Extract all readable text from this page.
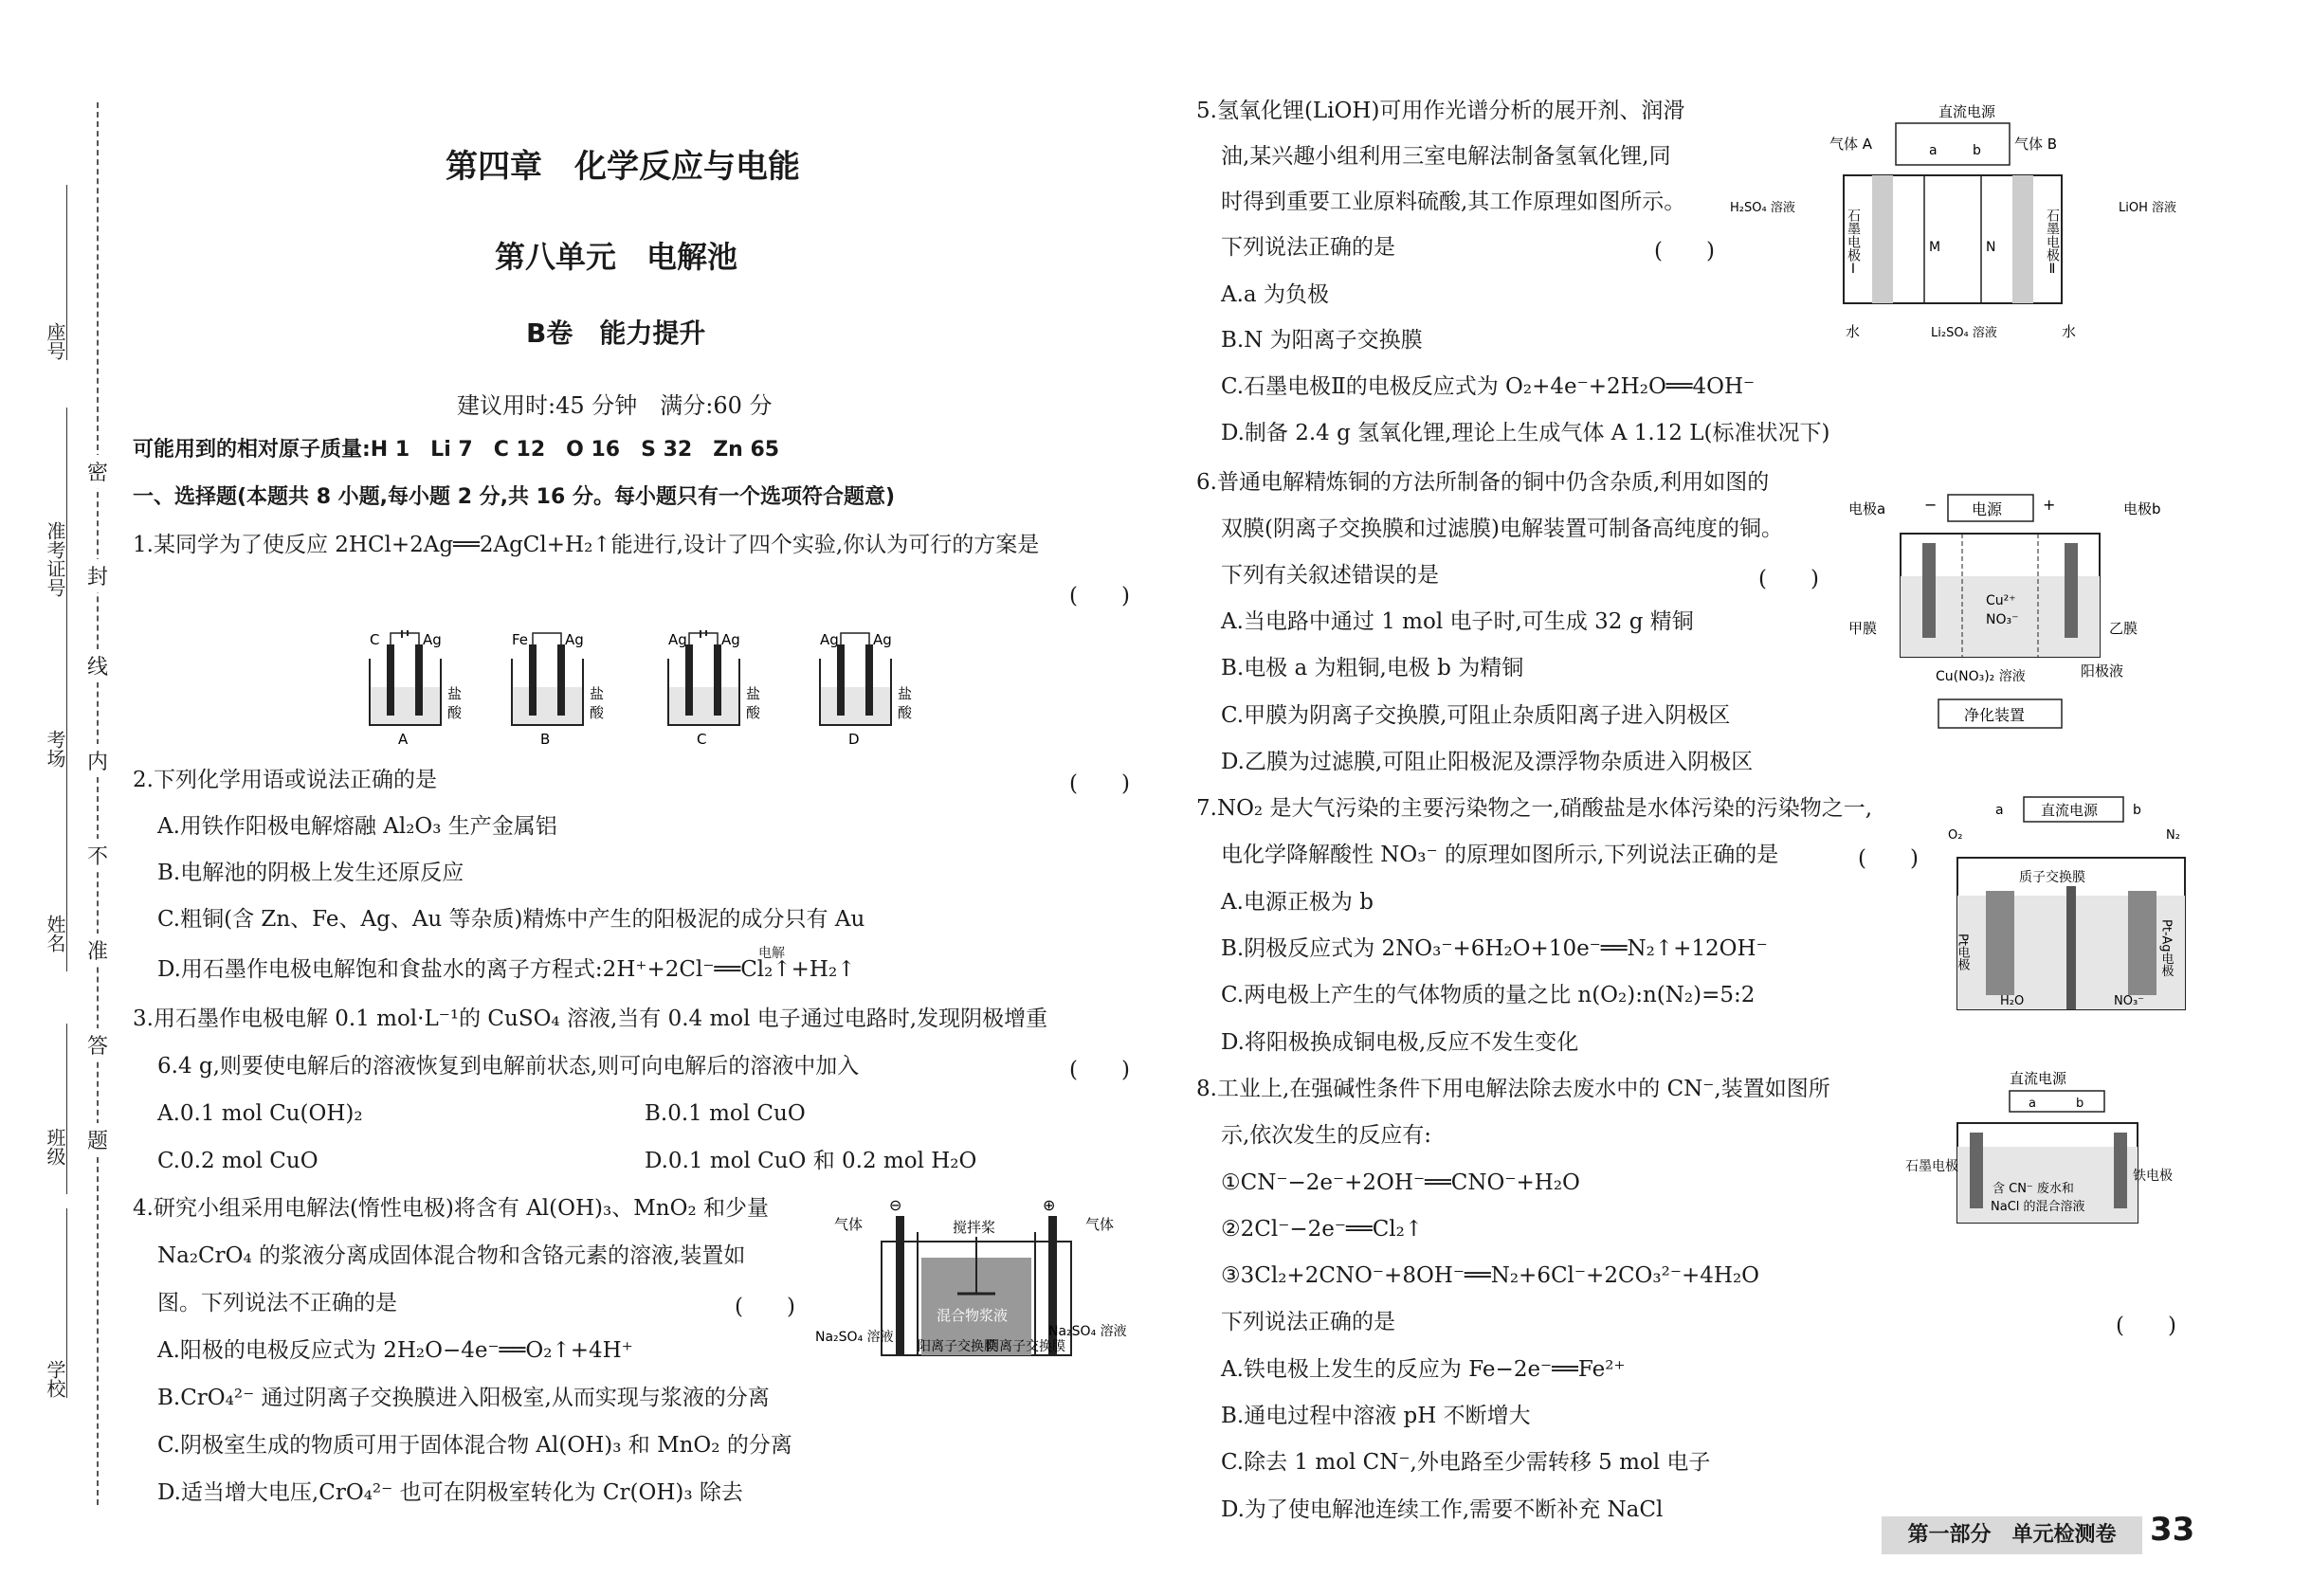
座号
准考证号
考场
姓名
班级
学校
密
封
线
内
不
准
答
题
第四章　化学反应与电能
第八单元　电解池
B卷　能力提升
建议用时:45 分钟　满分:60 分
可能用到的相对原子质量:H 1　Li 7　C 12　O 16　S 32　Zn 65
一、选择题(本题共 8 小题,每小题 2 分,共 16 分。每小题只有一个选项符合题意)
1.某同学为了使反应 2HCl+2Ag══2AgCl+H₂↑能进行,设计了四个实验,你认为可行的方案是
(　　)
C	Ag
A
盐
酸
Fe	Ag
B
盐
酸
Ag Ag
C
盐
酸
Ag Ag
D
盐
酸
2.下列化学用语或说法正确的是	(　　)
A.用铁作阳极电解熔融 Al₂O₃ 生产金属铝
B.电解池的阴极上发生还原反应
C.粗铜(含 Zn、Fe、Ag、Au 等杂质)精炼中产生的阳极泥的成分只有 Au
电解
D.用石墨作电极电解饱和食盐水的离子方程式:2H⁺+2Cl⁻══Cl₂↑+H₂↑
3.用石墨作电极电解 0.1 mol·L⁻¹的 CuSO₄ 溶液,当有 0.4 mol 电子通过电路时,发现阴极增重
6.4 g,则要使电解后的溶液恢复到电解前状态,则可向电解后的溶液中加入	(　　)
A.0.1 mol Cu(OH)₂	B.0.1 mol CuO
C.0.2 mol CuO	D.0.1 mol CuO 和 0.2 mol H₂O
4.研究小组采用电解法(惰性电极)将含有 Al(OH)₃、MnO₂ 和少量
Na₂CrO₄ 的浆液分离成固体混合物和含铬元素的溶液,装置如
图。下列说法不正确的是	(　　)
A.阳极的电极反应式为 2H₂O−4e⁻══O₂↑+4H⁺
B.CrO₄²⁻ 通过阴离子交换膜进入阳极室,从而实现与浆液的分离
C.阴极室生成的物质可用于固体混合物 Al(OH)₃ 和 MnO₂ 的分离
D.适当增大电压,CrO₄²⁻ 也可在阴极室转化为 Cr(OH)₃ 除去
⊖	⊕
搅拌桨
气体	气体
混合物浆液
Na₂SO₄ 溶液	Na₂SO₄ 溶液
阳离子交换膜
阴离子交换膜
5.氢氧化锂(LiOH)可用作光谱分析的展开剂、润滑
油,某兴趣小组利用三室电解法制备氢氧化锂,同
时得到重要工业原料硫酸,其工作原理如图所示。
下列说法正确的是	(　　)
A.a 为负极
B.N 为阳离子交换膜
C.石墨电极Ⅱ的电极反应式为 O₂+4e⁻+2H₂O══4OH⁻
D.制备 2.4 g 氢氧化锂,理论上生成气体 A 1.12 L(标准状况下)
直流电源
a	b
气体 A	气体 B
H₂SO₄ 溶液	LiOH 溶液
石墨电极Ⅰ	石墨电极Ⅱ
M	N
水	Li₂SO₄ 溶液	水
6.普通电解精炼铜的方法所制备的铜中仍含杂质,利用如图的
双膜(阴离子交换膜和过滤膜)电解装置可制备高纯度的铜。
下列有关叙述错误的是	(　　)
A.当电路中通过 1 mol 电子时,可生成 32 g 精铜
B.电极 a 为粗铜,电极 b 为精铜
C.甲膜为阴离子交换膜,可阻止杂质阳离子进入阴极区
D.乙膜为过滤膜,可阻止阳极泥及漂浮物杂质进入阴极区
电源
−	+
电极a	电极b
Cu²⁺
NO₃⁻
甲膜	乙膜
Cu(NO₃)₂ 溶液	阳极液
净化装置
7.NO₂ 是大气污染的主要污染物之一,硝酸盐是水体污染的污染物之一,
电化学降解酸性 NO₃⁻ 的原理如图所示,下列说法正确的是	(　　)
A.电源正极为 b
B.阴极反应式为 2NO₃⁻+6H₂O+10e⁻══N₂↑+12OH⁻
C.两电极上产生的气体物质的量之比 n(O₂):n(N₂)=5:2
D.将阳极换成铜电极,反应不发生变化
直流电源
a	b
O₂	N₂
质子交换膜
Pt电极	Pt-Ag电极
H₂O	NO₃⁻
8.工业上,在强碱性条件下用电解法除去废水中的 CN⁻,装置如图所
示,依次发生的反应有:
①CN⁻−2e⁻+2OH⁻══CNO⁻+H₂O
②2Cl⁻−2e⁻══Cl₂↑
③3Cl₂+2CNO⁻+8OH⁻══N₂+6Cl⁻+2CO₃²⁻+4H₂O
下列说法正确的是	(　　)
A.铁电极上发生的反应为 Fe−2e⁻══Fe²⁺
B.通电过程中溶液 pH 不断增大
C.除去 1 mol CN⁻,外电路至少需转移 5 mol 电子
D.为了使电解池连续工作,需要不断补充 NaCl
直流电源
a	b
石墨电极
铁电极
含 CN⁻ 废水和
NaCl 的混合溶液
第一部分　单元检测卷	33
